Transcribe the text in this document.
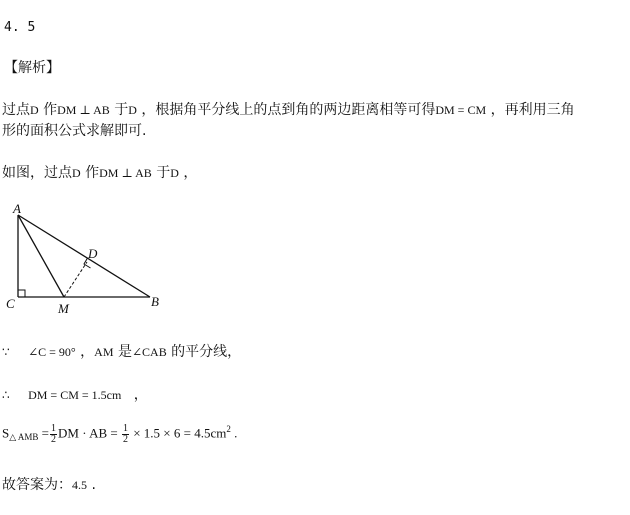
4. 5
【解析】
过点D 作DM ⊥ AB 于D ，根据角平分线上的点到角的两边距离相等可得DM = CM ，再利用三角
形的面积公式求解即可.
如图，过点D 作DM ⊥ AB 于D ，
A
C	M
D
B
∵ ∠C = 90° ，AM 是∠CAB 的平分线，
∴ DM = CM = 1.5cm ，
$S_{\triangle AMB} = \frac{1}{2}$ DM · AB = $\frac{1}{2} \times 1.5 \times 6 = 4.5cm^2$ .
故答案为：4.5 .
